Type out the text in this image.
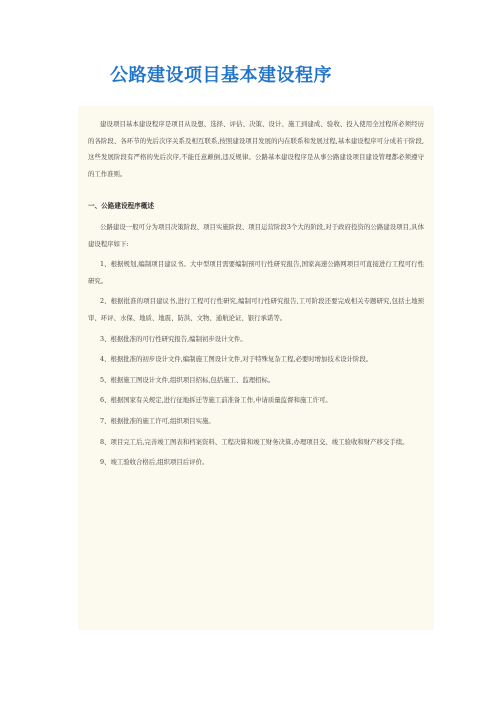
公路建设项目基本建设程序

建设项目基本建设程序是项目从设想、选择、评估、决策、设计、施工到建成、验收、投入使用全过程所必须经历的各阶段、各环节的先后次序关系及相互联系,按照建设项目发展的内在联系和发展过程,基本建设程序可分成若干阶段,这些发展阶段有严格的先后次序,不能任意颠倒,违反规律。公路基本建设程序是从事公路建设项目建设管理都必须遵守的工作准则。

一、公路建设程序概述

公路建设一般可分为项目决策阶段、项目实施阶段、项目运营阶段3个大的阶段,对于政府投资的公路建设项目,具体建设程序如下:

1、根据规划,编制项目建议书。大中型项目需要编制预可行性研究报告,国家高速公路网项目可直接进行工程可行性研究。

2、根据批准的项目建议书,进行工程可行性研究,编制可行性研究报告,工可阶段还要完成相关专题研究,包括土地预审、环评、水保、地质、地震、防洪、文物、通航论证、银行承诺等。

3、根据批准的可行性研究报告,编制初步设计文件。

4、根据批准的初步设计文件,编制施工图设计文件,对于特殊复杂工程,必要时增加技术设计阶段。

5、根据施工图设计文件,组织项目招标,包括施工、监理招标。

6、根据国家有关规定,进行征地拆迁等施工前准备工作,申请质量监督和施工许可。

7、根据批准的施工许可,组织项目实施。

8、项目完工后,完善竣工图表和档案资料、工程决算和竣工财务决算,办理项目交、竣工验收和财产移交手续。

9、竣工验收合格后,组织项目后评价。
